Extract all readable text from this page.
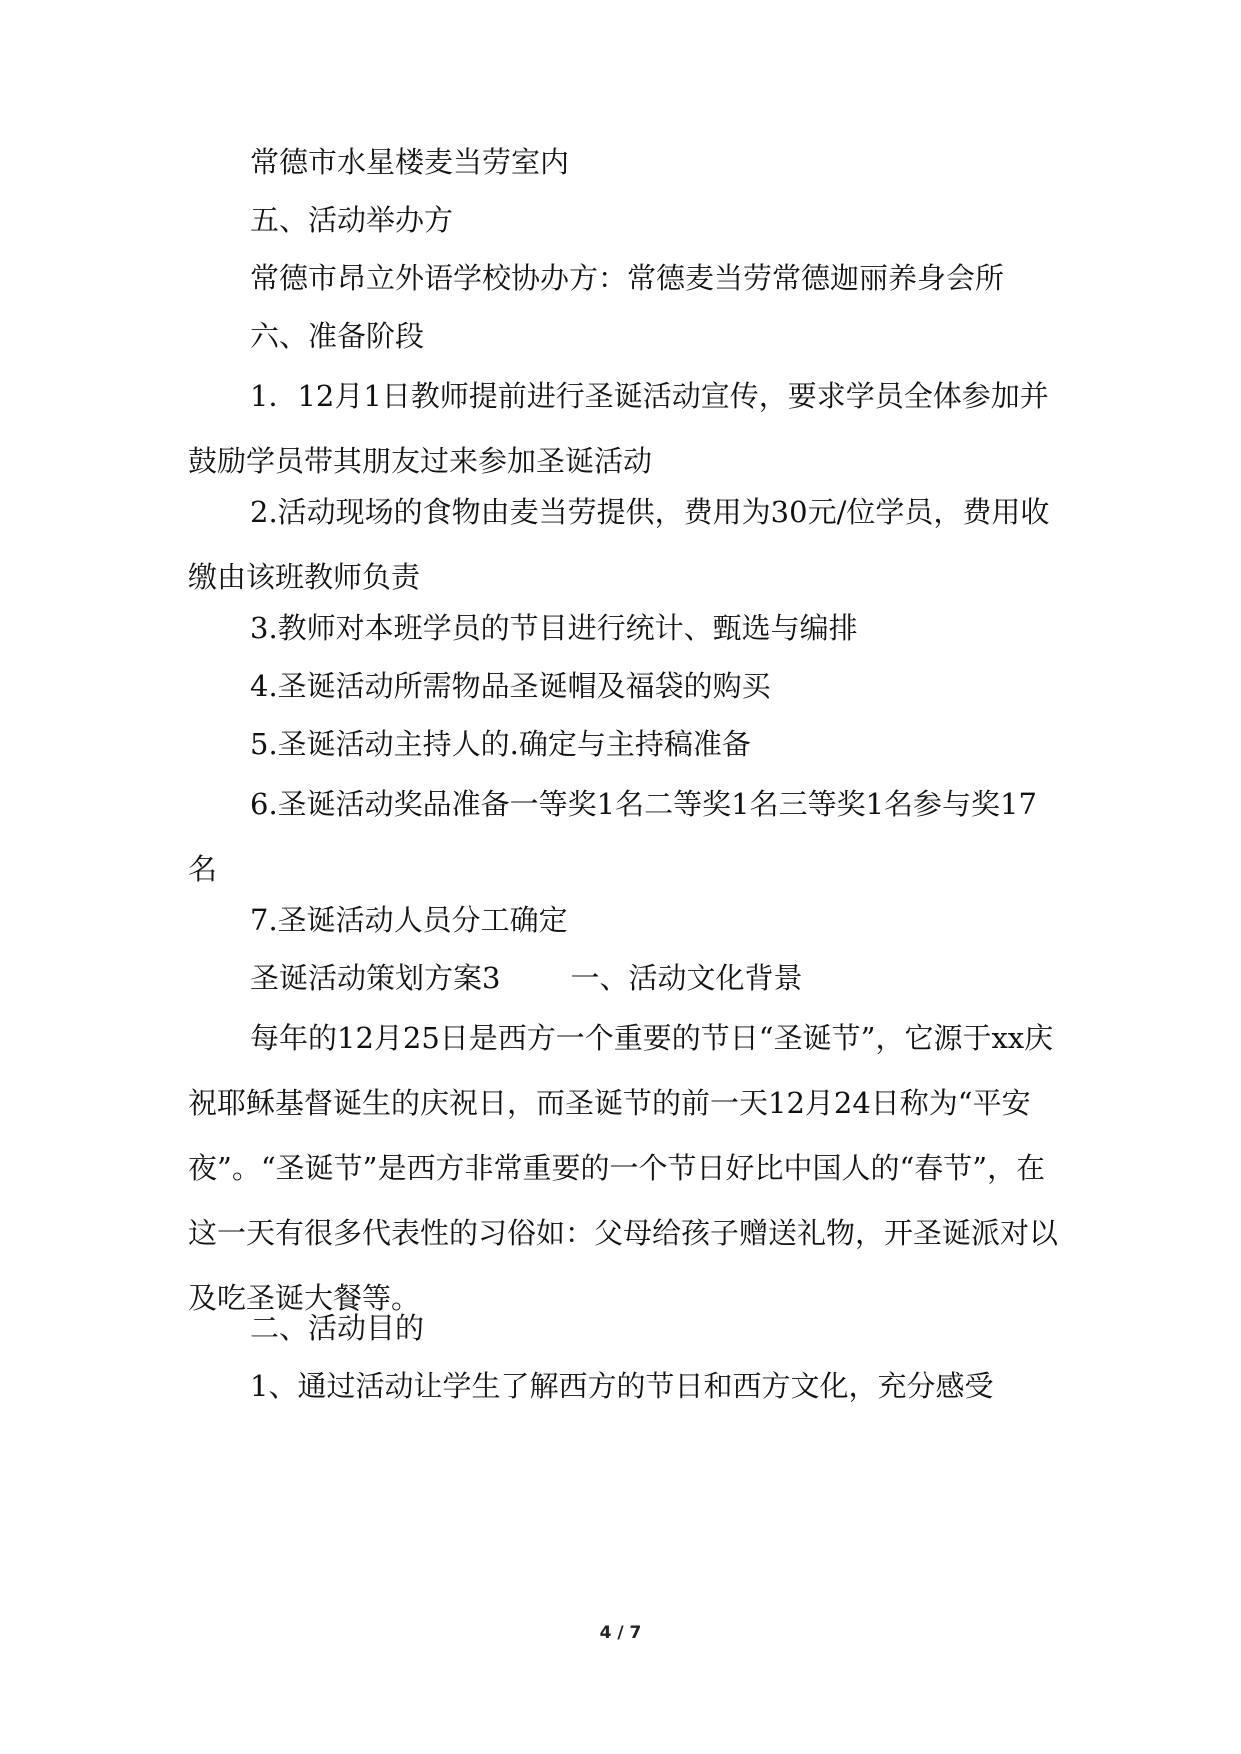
常德市水星楼麦当劳室内

五、活动举办方

常德市昂立外语学校协办方：常德麦当劳常德迦丽养身会所

六、准备阶段

1．12月1日教师提前进行圣诞活动宣传，要求学员全体参加并鼓励学员带其朋友过来参加圣诞活动

2.活动现场的食物由麦当劳提供，费用为30元/位学员，费用收缴由该班教师负责

3.教师对本班学员的节目进行统计、甄选与编排

4.圣诞活动所需物品圣诞帽及福袋的购买

5.圣诞活动主持人的.确定与主持稿准备

6.圣诞活动奖品准备一等奖1名二等奖1名三等奖1名参与奖17名

7.圣诞活动人员分工确定

圣诞活动策划方案3 一、活动文化背景

每年的12月25日是西方一个重要的节日“圣诞节”，它源于xx庆祝耶稣基督诞生的庆祝日，而圣诞节的前一天12月24日称为“平安夜”。“圣诞节”是西方非常重要的一个节日好比中国人的“春节”，在这一天有很多代表性的习俗如：父母给孩子赠送礼物，开圣诞派对以及吃圣诞大餐等。

二、活动目的

1、通过活动让学生了解西方的节日和西方文化，充分感受

4 / 7
